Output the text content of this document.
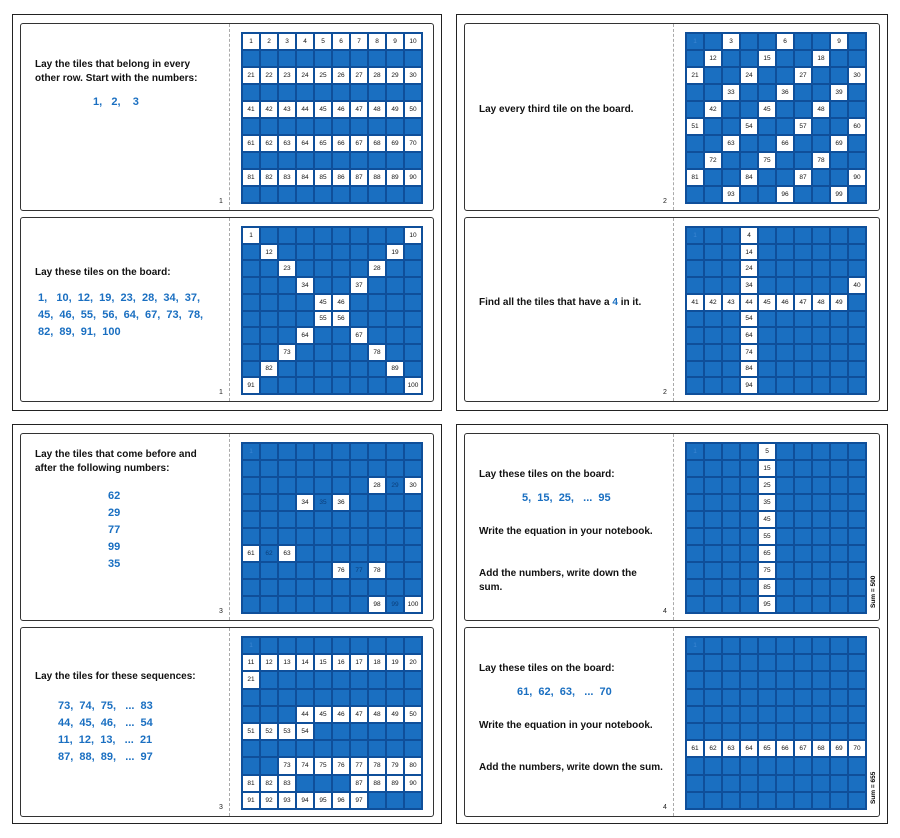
Lay the tiles that belong in every
other row. Start with the numbers:
1,   2,    3
1
1	2	3	4	5	6	7	8	9	10
21	22	23	24	25	26	27	28	29	30
41	42	43	44	45	46	47	48	49	50
61	62	63	64	65	66	67	68	69	70
81	82	83	84	85	86	87	88	89	90
Lay these tiles on the board:
1,   10,  12,  19,  23,  28,  34,  37,
45,  46,  55,  56,  64,  67,  73,  78,
82,  89,  91,  100
1
1	10
12	19
23	28
34	37
45	46
55	56
64	67
73	78
82	89
91	100
Lay every third tile on the board.
2
1	3	6	9
12	15	18
21	24	27	30
33	36	39
42	45	48
51	54	57	60
63	66	69
72	75	78
81	84	87	90
93	96	99
Find all the tiles that have a 4 in it.
2
1	4
14
24
34	40
41	42	43	44	45	46	47	48	49
54
64
74
84
94
Lay the tiles that come before and
after the following numbers:
62
29
77
99
35
3
1
28	29	30
34	35	36
61	62	63
76	77	78
98	99	100
Lay the tiles for these sequences:
73,  74,  75,   ...  83
44,  45,  46,   ...  54
11,  12,  13,   ...  21
87,  88,  89,   ...  97
3
1
11	12	13	14	15	16	17	18	19	20
21
44	45	46	47	48	49	50
51	52	53	54
73	74	75	76	77	78	79	80
81	82	83	87	88	89	90
91	92	93	94	95	96	97
Lay these tiles on the board:
5,  15,  25,   ...  95
Write the equation in your notebook.
Add the numbers, write down the
sum.
4
1	5
15
25
35
45
55
65
75
85
95	Sum = 500
Lay these tiles on the board:
61,  62,  63,   ...  70
Write the equation in your notebook.
Add the numbers, write down the sum.
4
1
61	62	63	64	65	66	67	68	69	70
Sum = 655
